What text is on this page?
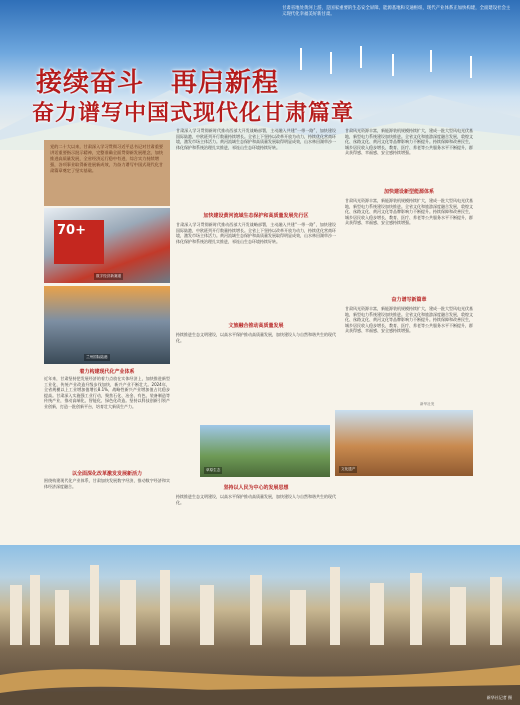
甘肃省地处黄河上游，是国家重要的生态安全屏障、能源基地和交通枢纽，现代产业体系正加快构建，全面建设社会主义现代化幸福美好新甘肃。
接续奋斗　再启新程
奋力谱写中国式现代化甘肃篇章
党的二十大以来，甘肃深入学习贯彻习近平总书记对甘肃重要讲话重要指示批示精神，完整准确全面贯彻新发展理念，加快推进高质量发展，全省经济运行稳中有进，综合实力持续增强，各项事业取得新进展新成效，为奋力谱写中国式现代化甘肃篇章奠定了坚实基础。
70+
数字经济新赛道
兰州国际陆港
着力构建现代化产业体系
近年来，甘肃坚持把发展经济的着力点放在实体经济上，加快推进新型工业化，传统产业改造升级步伐加快，新兴产业不断壮大。2024年，全省规模以上工业增加值增长8.1%，战略性新兴产业增加值占比稳步提高。甘肃深入实施强工业行动，聚焦石化、冶金、有色、装备制造等传统产业，推动高端化、智能化、绿色化改造。坚持以科技创新引领产业创新，打造一批创新平台，培育壮大新质生产力。
以全面深化改革激发发展新活力
围绕构建现代化产业体系，甘肃加快发展数字经济，推动数字经济和实体经济深度融合。
甘肃深入学习贯彻新时代推动西部大开发战略部署，主动融入共建“一带一路”，加快建设国际陆港，中欧班列开行数量持续增长。全省上下坚持以改革开放为动力，持续优化营商环境，激发市场主体活力。黄河流域生态保护和高质量发展取得明显成效，山水林田湖草沙一体化保护和系统治理扎实推进，祁连山生态环境持续好转。
加快建设黄河流域生态保护和高质量发展先行区
甘肃深入学习贯彻新时代推动西部大开发战略部署，主动融入共建“一带一路”，加快建设国际陆港，中欧班列开行数量持续增长。全省上下坚持以改革开放为动力，持续优化营商环境，激发市场主体活力。黄河流域生态保护和高质量发展取得明显成效，山水林田湖草沙一体化保护和系统治理扎实推进，祁连山生态环境持续好转。
文旅融合推动高质量发展
持续推进生态文明建设，以高水平保护推动高质量发展，加快建设人与自然和谐共生的现代化。
甘肃风光资源丰富，新能源装机规模持续扩大，建成一批大型风电光伏基地，新型电力系统建设加快推进。全省文化和旅游深度融合发展，敦煌文化、丝路文化、黄河文化等品牌影响力不断提升。持续保障和改善民生，城乡居民收入稳步增长，教育、医疗、养老等公共服务水平不断提升，群众获得感、幸福感、安全感持续增强。
加快建设新型能源体系
甘肃风光资源丰富，新能源装机规模持续扩大，建成一批大型风电光伏基地，新型电力系统建设加快推进。全省文化和旅游深度融合发展，敦煌文化、丝路文化、黄河文化等品牌影响力不断提升。持续保障和改善民生，城乡居民收入稳步增长，教育、医疗、养老等公共服务水平不断提升，群众获得感、幸福感、安全感持续增强。
奋力谱写新篇章
甘肃风光资源丰富，新能源装机规模持续扩大，建成一批大型风电光伏基地，新型电力系统建设加快推进。全省文化和旅游深度融合发展，敦煌文化、丝路文化、黄河文化等品牌影响力不断提升。持续保障和改善民生，城乡居民收入稳步增长，教育、医疗、养老等公共服务水平不断提升，群众获得感、幸福感、安全感持续增强。
新华社发
草原生态	文化遗产
坚持以人民为中心的发展思想
持续推进生态文明建设，以高水平保护推动高质量发展，加快建设人与自然和谐共生的现代化。
新华社记者 摄
